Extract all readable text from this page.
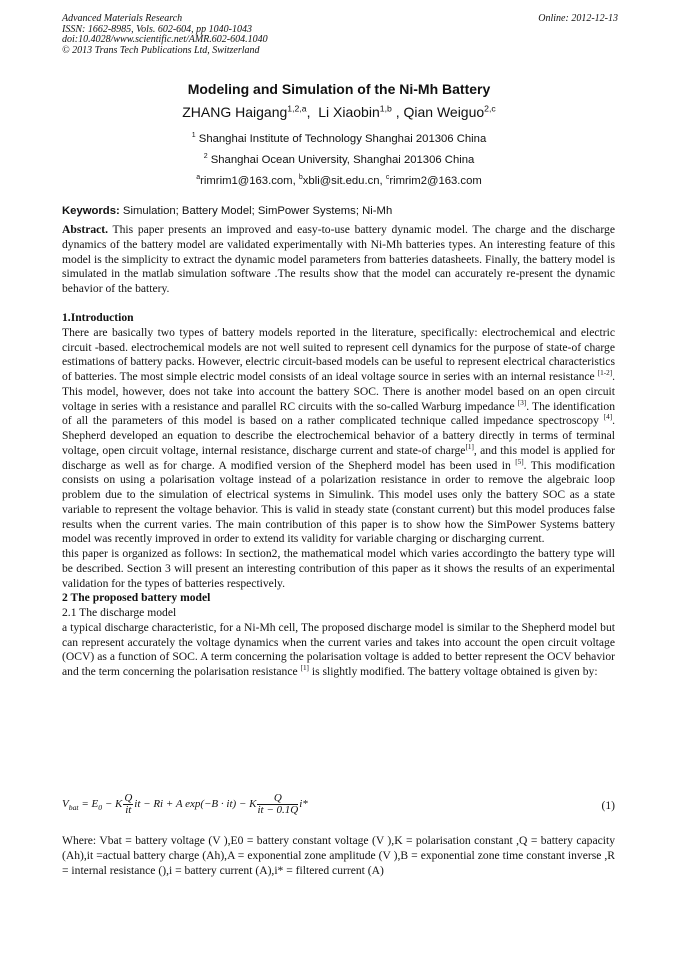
Advanced Materials Research
ISSN: 1662-8985, Vols. 602-604, pp 1040-1043
doi:10.4028/www.scientific.net/AMR.602-604.1040
© 2013 Trans Tech Publications Ltd, Switzerland
Online: 2012-12-13
Modeling and Simulation of the Ni-Mh Battery
ZHANG Haigang$^{1,2,a}$,  Li Xiaobin$^{1,b}$ , Qian Weiguo$^{2,c}$
$^1$ Shanghai Institute of Technology Shanghai 201306 China
$^2$ Shanghai Ocean University, Shanghai 201306 China
$^a$rimrim1@163.com, $^b$xbli@sit.edu.cn, $^c$rimrim2@163.com
Keywords: Simulation; Battery Model; SimPower Systems; Ni-Mh
Abstract. This paper presents an improved and easy-to-use battery dynamic model. The charge and the discharge dynamics of the battery model are validated experimentally with Ni-Mh batteries types. An interesting feature of this model is the simplicity to extract the dynamic model parameters from batteries datasheets. Finally, the battery model is simulated in the matlab simulation software .The results show that the model can accurately re-present the dynamic behavior of the battery.
1.Introduction
There are basically two types of battery models reported in the literature, specifically: electrochemical and electric circuit -based. electrochemical models are not well suited to represent cell dynamics for the purpose of state-of charge estimations of battery packs. However, electric circuit-based models can be useful to represent electrical characteristics of batteries. The most simple electric model consists of an ideal voltage source in series with an internal resistance [1-2]. This model, however, does not take into account the battery SOC. There is another model based on an open circuit voltage in series with a resistance and parallel RC circuits with the so-called Warburg impedance [3]. The identification of all the parameters of this model is based on a rather complicated technique called impedance spectroscopy [4]. Shepherd developed an equation to describe the electrochemical behavior of a battery directly in terms of terminal voltage, open circuit voltage, internal resistance, discharge current and state-of charge[1], and this model is applied for discharge as well as for charge. A modified version of the Shepherd model has been used in [5]. This modification consists on using a polarisation voltage instead of a polarization resistance in order to remove the algebraic loop problem due to the simulation of electrical systems in Simulink. This model uses only the battery SOC as a state variable to represent the voltage behavior. This is valid in steady state (constant current) but this model produces false results when the current varies. The main contribution of this paper is to show how the SimPower Systems battery model was recently improved in order to extend its validity for variable charging or discharging current.
this paper is organized as follows: In section2, the mathematical model which varies accordingto the battery type will be described. Section 3 will present an interesting contribution of this paper as it shows the results of an experimental validation for the types of batteries respectively.
2 The proposed battery model
2.1 The discharge model
a typical discharge characteristic, for a Ni-Mh cell, The proposed discharge model is similar to the Shepherd model but can represent accurately the voltage dynamics when the current varies and takes into account the open circuit voltage (OCV) as a function of SOC. A term concerning the polarisation voltage is added to better represent the OCV behavior and the term concerning the polarisation resistance [1] is slightly modified. The battery voltage obtained is given by:
$V_{bat} = E_0 - K \frac{Q}{it}$ it − Ri + A exp(−B · it) − K $\frac{Q}{it - 0.1Q} i*$	(1)
Where: Vbat = battery voltage (V ),E0 = battery constant voltage (V ),K = polarisation constant ,Q = battery capacity (Ah),it =actual battery charge (Ah),A = exponential zone amplitude (V ),B = exponential zone time constant inverse ,R = internal resistance (),i = battery current (A),i* = filtered current (A)
